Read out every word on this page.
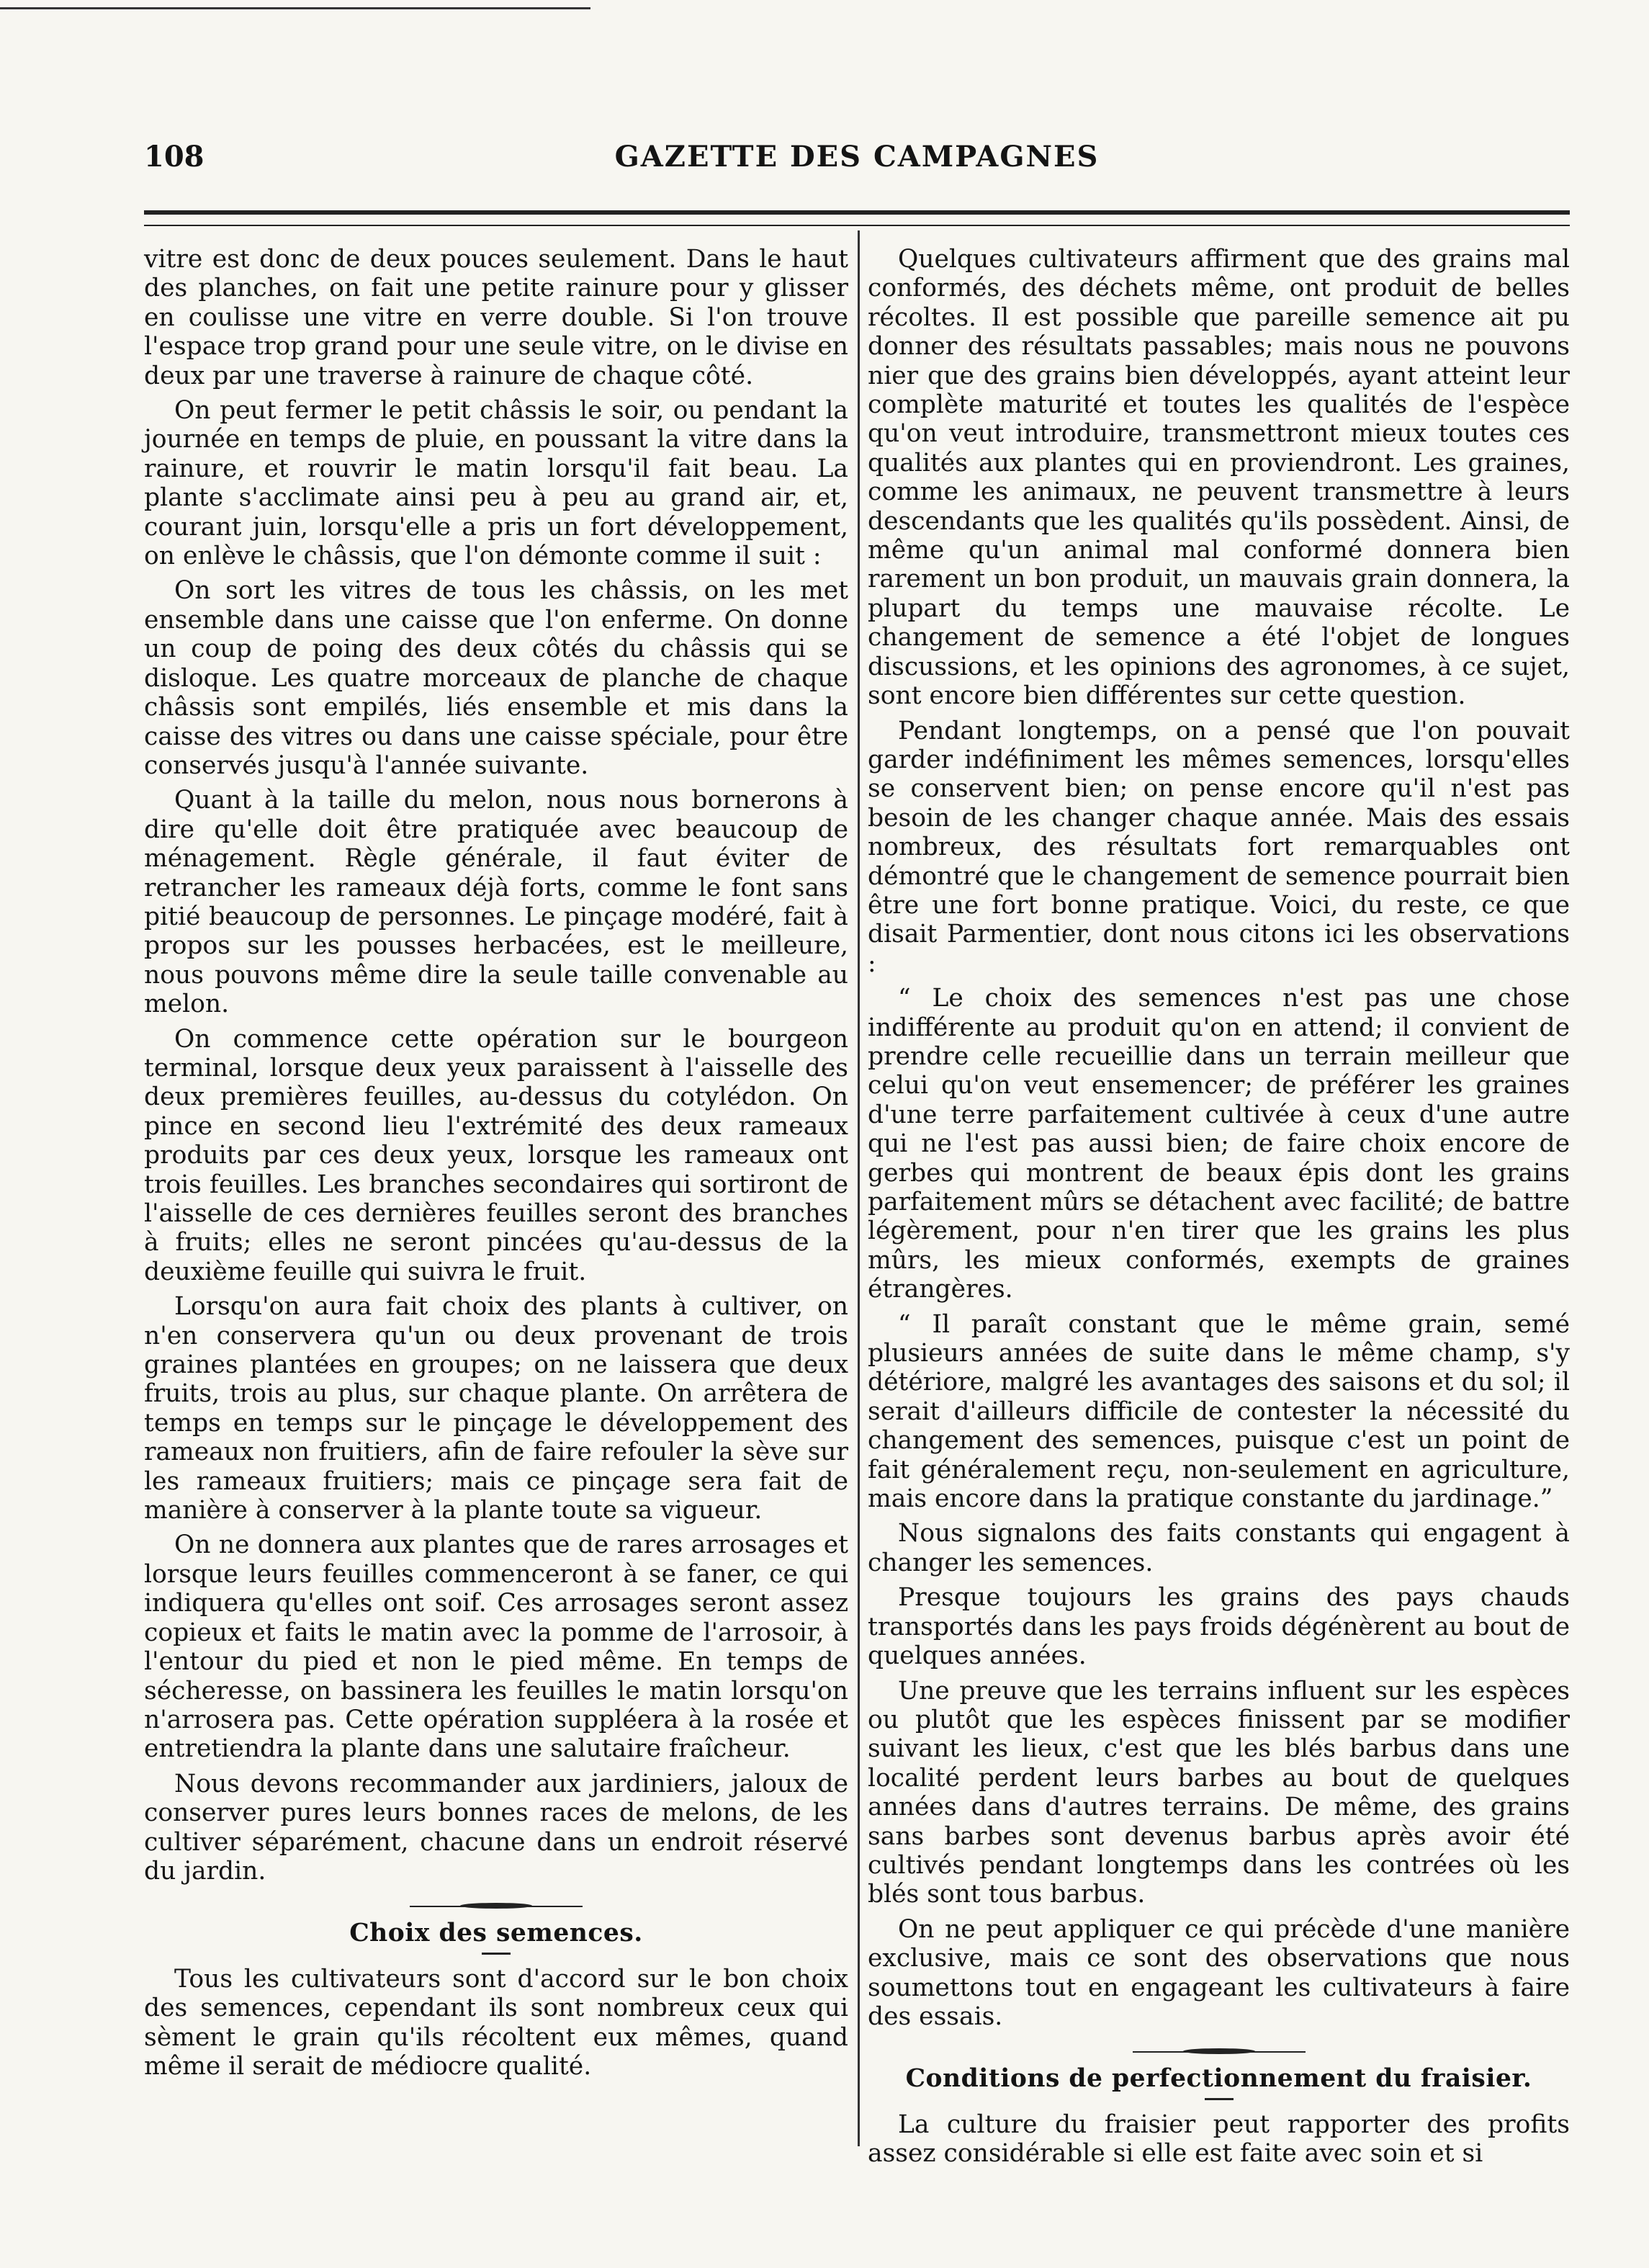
108	GAZETTE DES CAMPAGNES

vitre est donc de deux pouces seulement. Dans le haut des planches, on fait une petite rainure pour y glisser en coulisse une vitre en verre double. Si l'on trouve l'espace trop grand pour une seule vitre, on le divise en deux par une traverse à rainure de chaque côté.

On peut fermer le petit châssis le soir, ou pendant la journée en temps de pluie, en poussant la vitre dans la rainure, et rouvrir le matin lorsqu'il fait beau. La plante s'acclimate ainsi peu à peu au grand air, et, courant juin, lorsqu'elle a pris un fort développement, on enlève le châssis, que l'on démonte comme il suit :

On sort les vitres de tous les châssis, on les met ensemble dans une caisse que l'on enferme. On donne un coup de poing des deux côtés du châssis qui se disloque. Les quatre morceaux de planche de chaque châssis sont empilés, liés ensemble et mis dans la caisse des vitres ou dans une caisse spéciale, pour être conservés jusqu'à l'année suivante.

Quant à la taille du melon, nous nous bornerons à dire qu'elle doit être pratiquée avec beaucoup de ménagement. Règle générale, il faut éviter de retrancher les rameaux déjà forts, comme le font sans pitié beaucoup de personnes. Le pinçage modéré, fait à propos sur les pousses herbacées, est le meilleure, nous pouvons même dire la seule taille convenable au melon.

On commence cette opération sur le bourgeon terminal, lorsque deux yeux paraissent à l'aisselle des deux premières feuilles, au-dessus du cotylédon. On pince en second lieu l'extrémité des deux rameaux produits par ces deux yeux, lorsque les rameaux ont trois feuilles. Les branches secondaires qui sortiront de l'aisselle de ces dernières feuilles seront des branches à fruits; elles ne seront pincées qu'au-dessus de la deuxième feuille qui suivra le fruit.

Lorsqu'on aura fait choix des plants à cultiver, on n'en conservera qu'un ou deux provenant de trois graines plantées en groupes; on ne laissera que deux fruits, trois au plus, sur chaque plante. On arrêtera de temps en temps sur le pinçage le développement des rameaux non fruitiers, afin de faire refouler la sève sur les rameaux fruitiers; mais ce pinçage sera fait de manière à conserver à la plante toute sa vigueur.

On ne donnera aux plantes que de rares arrosages et lorsque leurs feuilles commenceront à se faner, ce qui indiquera qu'elles ont soif. Ces arrosages seront assez copieux et faits le matin avec la pomme de l'arrosoir, à l'entour du pied et non le pied même. En temps de sécheresse, on bassinera les feuilles le matin lorsqu'on n'arrosera pas. Cette opération suppléera à la rosée et entretiendra la plante dans une salutaire fraîcheur.

Nous devons recommander aux jardiniers, jaloux de conserver pures leurs bonnes races de melons, de les cultiver séparément, chacune dans un endroit réservé du jardin.

Choix des semences.

Tous les cultivateurs sont d'accord sur le bon choix des semences, cependant ils sont nombreux ceux qui sèment le grain qu'ils récoltent eux mêmes, quand même il serait de médiocre qualité.

Quelques cultivateurs affirment que des grains mal conformés, des déchets même, ont produit de belles récoltes. Il est possible que pareille semence ait pu donner des résultats passables; mais nous ne pouvons nier que des grains bien développés, ayant atteint leur complète maturité et toutes les qualités de l'espèce qu'on veut introduire, transmettront mieux toutes ces qualités aux plantes qui en proviendront. Les graines, comme les animaux, ne peuvent transmettre à leurs descendants que les qualités qu'ils possèdent. Ainsi, de même qu'un animal mal conformé donnera bien rarement un bon produit, un mauvais grain donnera, la plupart du temps une mauvaise récolte. Le changement de semence a été l'objet de longues discussions, et les opinions des agronomes, à ce sujet, sont encore bien différentes sur cette question.

Pendant longtemps, on a pensé que l'on pouvait garder indéfiniment les mêmes semences, lorsqu'elles se conservent bien; on pense encore qu'il n'est pas besoin de les changer chaque année. Mais des essais nombreux, des résultats fort remarquables ont démontré que le changement de semence pourrait bien être une fort bonne pratique. Voici, du reste, ce que disait Parmentier, dont nous citons ici les observations :

“ Le choix des semences n'est pas une chose indifférente au produit qu'on en attend; il convient de prendre celle recueillie dans un terrain meilleur que celui qu'on veut ensemencer; de préférer les graines d'une terre parfaitement cultivée à ceux d'une autre qui ne l'est pas aussi bien; de faire choix encore de gerbes qui montrent de beaux épis dont les grains parfaitement mûrs se détachent avec facilité; de battre légèrement, pour n'en tirer que les grains les plus mûrs, les mieux conformés, exempts de graines étrangères.

“ Il paraît constant que le même grain, semé plusieurs années de suite dans le même champ, s'y détériore, malgré les avantages des saisons et du sol; il serait d'ailleurs difficile de contester la nécessité du changement des semences, puisque c'est un point de fait généralement reçu, non-seulement en agriculture, mais encore dans la pratique constante du jardinage.”

Nous signalons des faits constants qui engagent à changer les semences.

Presque toujours les grains des pays chauds transportés dans les pays froids dégénèrent au bout de quelques années.

Une preuve que les terrains influent sur les espèces ou plutôt que les espèces finissent par se modifier suivant les lieux, c'est que les blés barbus dans une localité perdent leurs barbes au bout de quelques années dans d'autres terrains. De même, des grains sans barbes sont devenus barbus après avoir été cultivés pendant longtemps dans les contrées où les blés sont tous barbus.

On ne peut appliquer ce qui précède d'une manière exclusive, mais ce sont des observations que nous soumettons tout en engageant les cultivateurs à faire des essais.

Conditions de perfectionnement du fraisier.

La culture du fraisier peut rapporter des profits assez considérable si elle est faite avec soin et si
